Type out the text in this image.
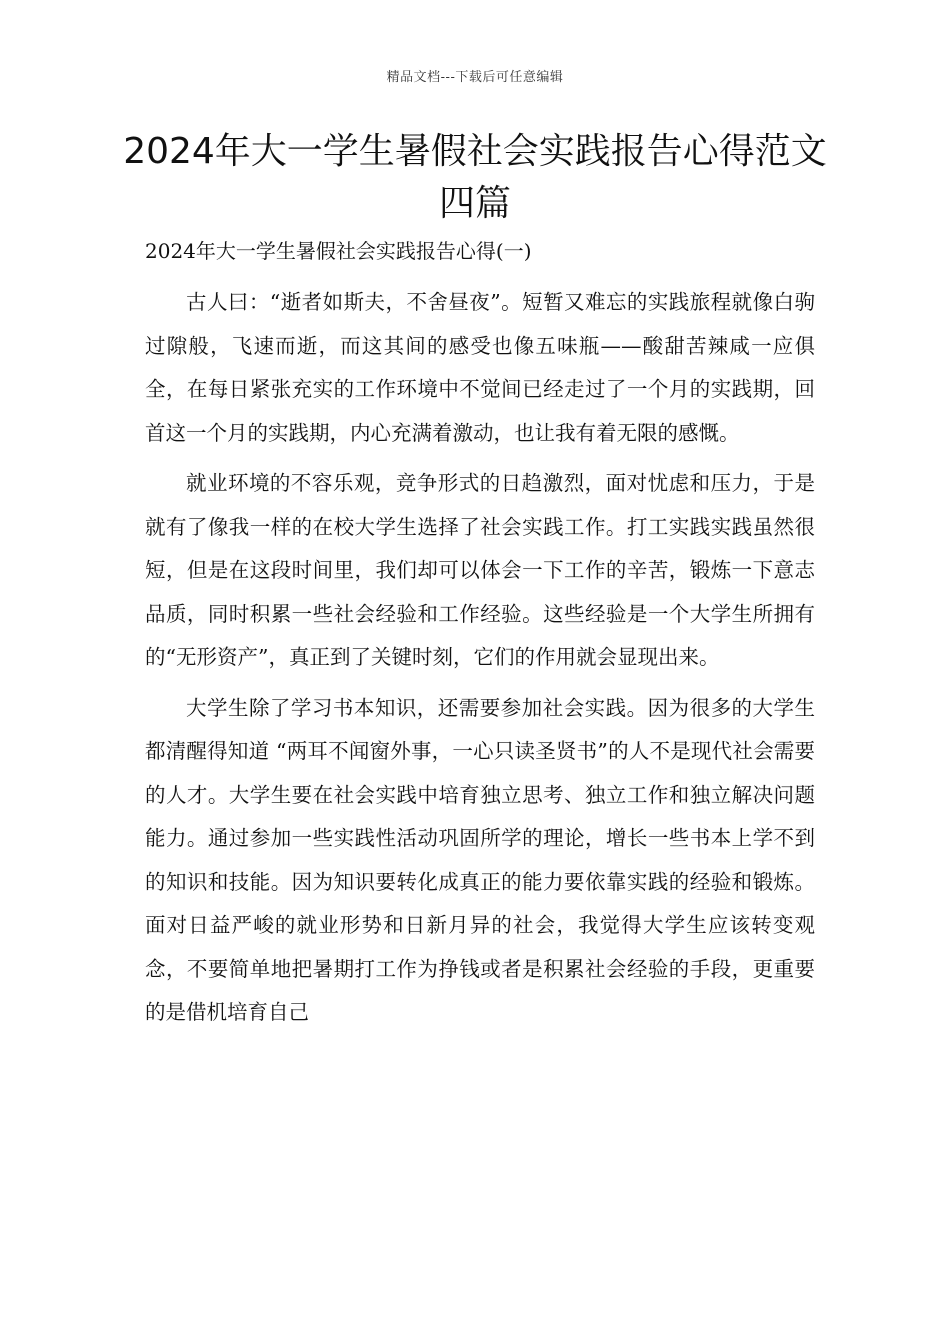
精品文档---下载后可任意编辑
2024年大一学生暑假社会实践报告心得范文四篇

2024年大一学生暑假社会实践报告心得(一)

古人曰：“逝者如斯夫，不舍昼夜”。短暂又难忘的实践旅程就像白驹过隙般，飞速而逝，而这其间的感受也像五味瓶——酸甜苦辣咸一应俱全，在每日紧张充实的工作环境中不觉间已经走过了一个月的实践期，回首这一个月的实践期，内心充满着激动，也让我有着无限的感慨。

就业环境的不容乐观，竞争形式的日趋激烈，面对忧虑和压力，于是就有了像我一样的在校大学生选择了社会实践工作。打工实践实践虽然很短，但是在这段时间里，我们却可以体会一下工作的辛苦，锻炼一下意志品质，同时积累一些社会经验和工作经验。这些经验是一个大学生所拥有的“无形资产”，真正到了关键时刻，它们的作用就会显现出来。

大学生除了学习书本知识，还需要参加社会实践。因为很多的大学生都清醒得知道 “两耳不闻窗外事，一心只读圣贤书”的人不是现代社会需要的人才。大学生要在社会实践中培育独立思考、独立工作和独立解决问题能力。通过参加一些实践性活动巩固所学的理论，增长一些书本上学不到的知识和技能。因为知识要转化成真正的能力要依靠实践的经验和锻炼。面对日益严峻的就业形势和日新月异的社会，我觉得大学生应该转变观念，不要简单地把暑期打工作为挣钱或者是积累社会经验的手段，更重要的是借机培育自己
